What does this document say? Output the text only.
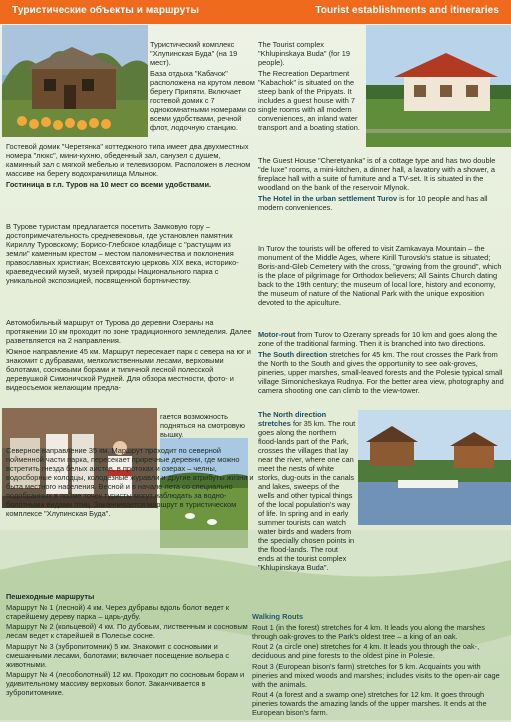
Туристические объекты и маршруты	Tourist establishments and itineraries

Туристический комплекс "Хлупинская Буда" (на 19 мест).

База отдыха "Кабачок" расположена на крутом левом берегу Припяти. Включает гостевой домик с 7 однокомнатными номерами со всеми удобствами, речной флот, лодочную станцию.

Гостевой домик "Черетянка" коттеджного типа имеет два двухместных номера "люкс", мини-кухню, обеденный зал, санузел с душем, каминный зал с мягкой мебелью и телевизором. Расположен в лесном массиве на берегу водохранилища Млынок.

Гостиница в г.п. Туров на 10 мест со всеми удобствами.

В Турове туристам предлагается посетить Замковую гору – достопримечательность средневековья, где установлен памятник Кириллу Туровскому; Борисо-Глебское кладбище с "растущим из земли" каменным крестом – местом паломничества и поклонения православных христиан; Всехсвятскую церковь XIX века, историко-краеведческий музей, музей природы Национального парка с уникальной экспозицией, посвященной бортничеству.

Автомобильный маршрут от Турова до деревни Озераны на протяжении 10 км проходит по зоне традиционного земледелия. Далее разветвляется на 2 направления.

Южное направление 45 км. Маршрут пересекает парк с севера на юг и знакомит с дубравами, мелколиственными лесами, верховыми болотами, сосновыми борами и типичной лесной полесской деревушкой Симоничской Рудней. Для обзора местности, фото- и видеосъемок желающим предла-

гается возможность подняться на смотровую вышку.

Северное направление 35 км. Маршрут проходит по северной пойменной части парка, пересекает приречные деревни, где можно встретить гнезда белых аистов, в протоках и озерах – челны, водосборные колодцы, колодезные журавли и другие атрибуты жизни и быта местного населения. Весной и в начале лета со специально подобранных в пойме точек туристы могут наблюдать за водно-болотными видами птиц. Заканчивается маршрут в туристическом комплексе "Хлупинская Буда".

Пешеходные маршруты

Маршрут № 1 (лесной) 4 км. Через дубравы вдоль болот ведет к старейшему дереву парка – царь-дубу.

Маршрут № 2 (кольцевой) 4 км. По дубовым, лиственным и сосновым лесам ведет к старейшей в Полесье сосне.

Маршрут № 3 (зубропитомник) 5 км. Знакомит с сосновыми и смешанными лесами, болотами; включает посещение вольера с животными.

Маршрут № 4 (лесоболотный) 12 км. Проходит по сосновым борам и удивительному массиву верховых болот. Заканчивается в зубропитомнике.

The Tourist complex "Khlupinskaya Buda" (for 19 people).

The Recreation Department "Kabachok" is situated on the steep bank of the Pripyats. It includes a guest house with 7 single rooms with all modern conveniences, an inland water transport and a boating station.

The Guest House "Cheretyanka" is of a cottage type and has two double "de luxe" rooms, a mini-kitchen, a dinner hall, a lavatory with a shower, a fireplace hall with a suite of furniture and a TV-set. It is situated in the woodland on the bank of the reservoir Mlynok.

The Hotel in the urban settlement Turov is for 10 people and has all modern conveniences.

In Turov the tourists will be offered to visit Zamkavaya Mountain – the monument of the Middle Ages, where Kirill Turovski's statue is situated; Boris-and-Gleb Cemetery with the cross, "growing from the ground", which is the place of pilgrimage for Orthodox believers; All Saints Church dating back to the 19th century; the museum of local lore, history and economy, the museum of nature of the National Park with the unique exposition devoted to the apiculture.

Motor-rout from Turov to Ozerany spreads for 10 km and goes along the zone of the traditional farming. Then it is branched into two directions.

The South direction stretches for 45 km. The rout crosses the Park from the North to the South and gives the opportunity to see oak-groves, pineries, upper marshes, small-leaved forests and the Polesie typical small village Simonicheskaya Rudnya. For the better area view, photography and camera shooting one can climb to the view-tower.

The North direction stretches for 35 km. The rout goes along the northern flood-lands part of the Park, crosses the villages that lay near the river, where one can meet the nests of white storks, dug-outs in the canals and lakes, sweeps of the wells and other typical things of the local population's way of life. In spring and in early summer tourists can watch water birds and waders from the specially chosen points in the flood-lands. The rout ends at the tourist complex "Khlupinskaya Buda".

Walking Routs

Rout 1 (in the forest) stretches for 4 km. It leads you along the marshes through oak-groves to the Park's oldest tree – a king of an oak.

Rout 2 (a circle one) stretches for 4 km. It leads you through the oak-, deciduous and pine forests to the oldest pine in Polesie.

Rout 3 (European bison's farm) stretches for 5 km. Acquaints you with pineries and mixed woods and marshes; includes visits to the open-air cage with the animals.

Rout 4 (a forest and a swamp one) stretches for 12 km. It goes through pineries towards the amazing lands of the upper marshes. It ends at the European bison's farm.
